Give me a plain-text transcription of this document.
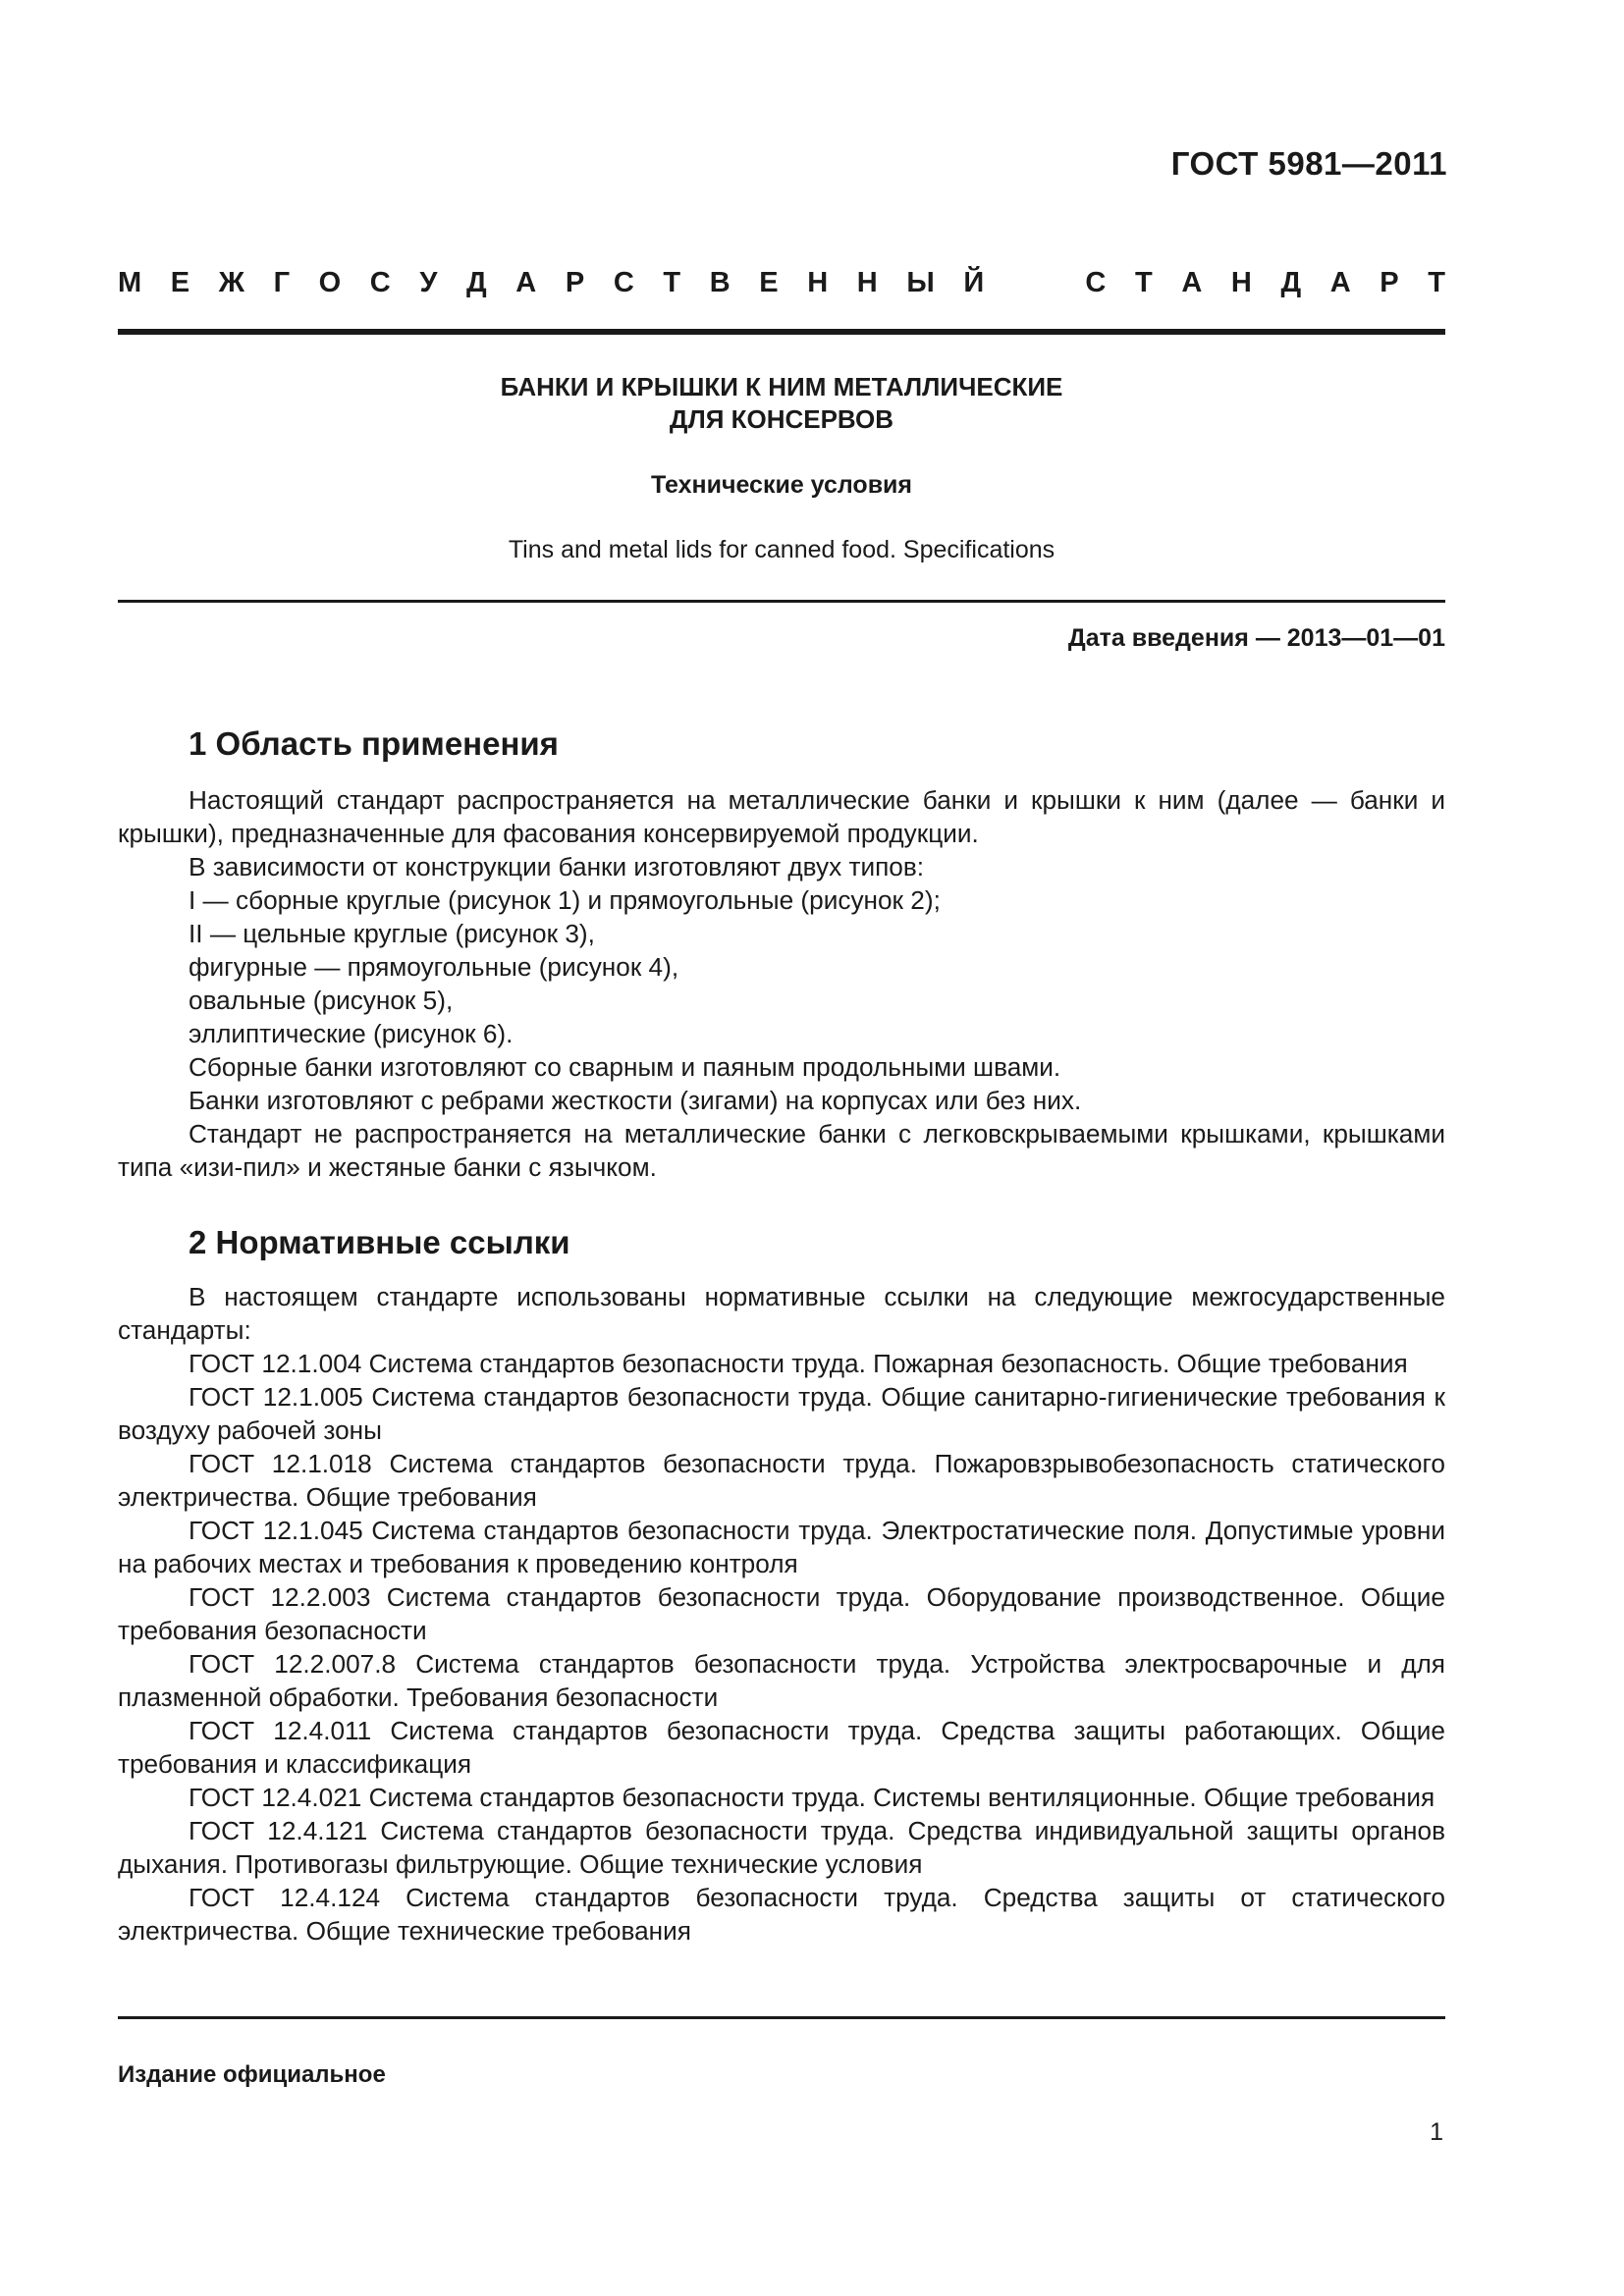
ГОСТ 5981—2011
М Е Ж Г О С У Д А Р С Т В Е Н Н Ы Й	С Т А Н Д А Р Т
БАНКИ И КРЫШКИ К НИМ МЕТАЛЛИЧЕСКИЕ
ДЛЯ КОНСЕРВОВ
Технические условия
Tins and metal lids for canned food. Specifications
Дата введения — 2013—01—01
1 Область применения

Настоящий стандарт распространяется на металлические банки и крышки к ним (далее — банки и крышки), предназначенные для фасования консервируемой продукции.

В зависимости от конструкции банки изготовляют двух типов:

I — сборные круглые (рисунок 1) и прямоугольные (рисунок 2);

II — цельные круглые (рисунок 3),

фигурные — прямоугольные (рисунок 4),

овальные (рисунок 5),

эллиптические (рисунок 6).

Сборные банки изготовляют со сварным и паяным продольными швами.

Банки изготовляют с ребрами жесткости (зигами) на корпусах или без них.

Стандарт не распространяется на металлические банки с легковскрываемыми крышками, крышками типа «изи-пил» и жестяные банки с язычком.

2 Нормативные ссылки

В настоящем стандарте использованы нормативные ссылки на следующие межгосударственные стандарты:

ГОСТ 12.1.004 Система стандартов безопасности труда. Пожарная безопасность. Общие требования

ГОСТ 12.1.005 Система стандартов безопасности труда. Общие санитарно-гигиенические требования к воздуху рабочей зоны

ГОСТ 12.1.018 Система стандартов безопасности труда. Пожаровзрывобезопасность статического электричества. Общие требования

ГОСТ 12.1.045 Система стандартов безопасности труда. Электростатические поля. Допустимые уровни на рабочих местах и требования к проведению контроля

ГОСТ 12.2.003 Система стандартов безопасности труда. Оборудование производственное. Общие требования безопасности

ГОСТ 12.2.007.8 Система стандартов безопасности труда. Устройства электросварочные и для плазменной обработки. Требования безопасности

ГОСТ 12.4.011 Система стандартов безопасности труда. Средства защиты работающих. Общие требования и классификация

ГОСТ 12.4.021 Система стандартов безопасности труда. Системы вентиляционные. Общие требования

ГОСТ 12.4.121 Система стандартов безопасности труда. Средства индивидуальной защиты органов дыхания. Противогазы фильтрующие. Общие технические условия

ГОСТ 12.4.124 Система стандартов безопасности труда. Средства защиты от статического электричества. Общие технические требования

Издание официальное
1
